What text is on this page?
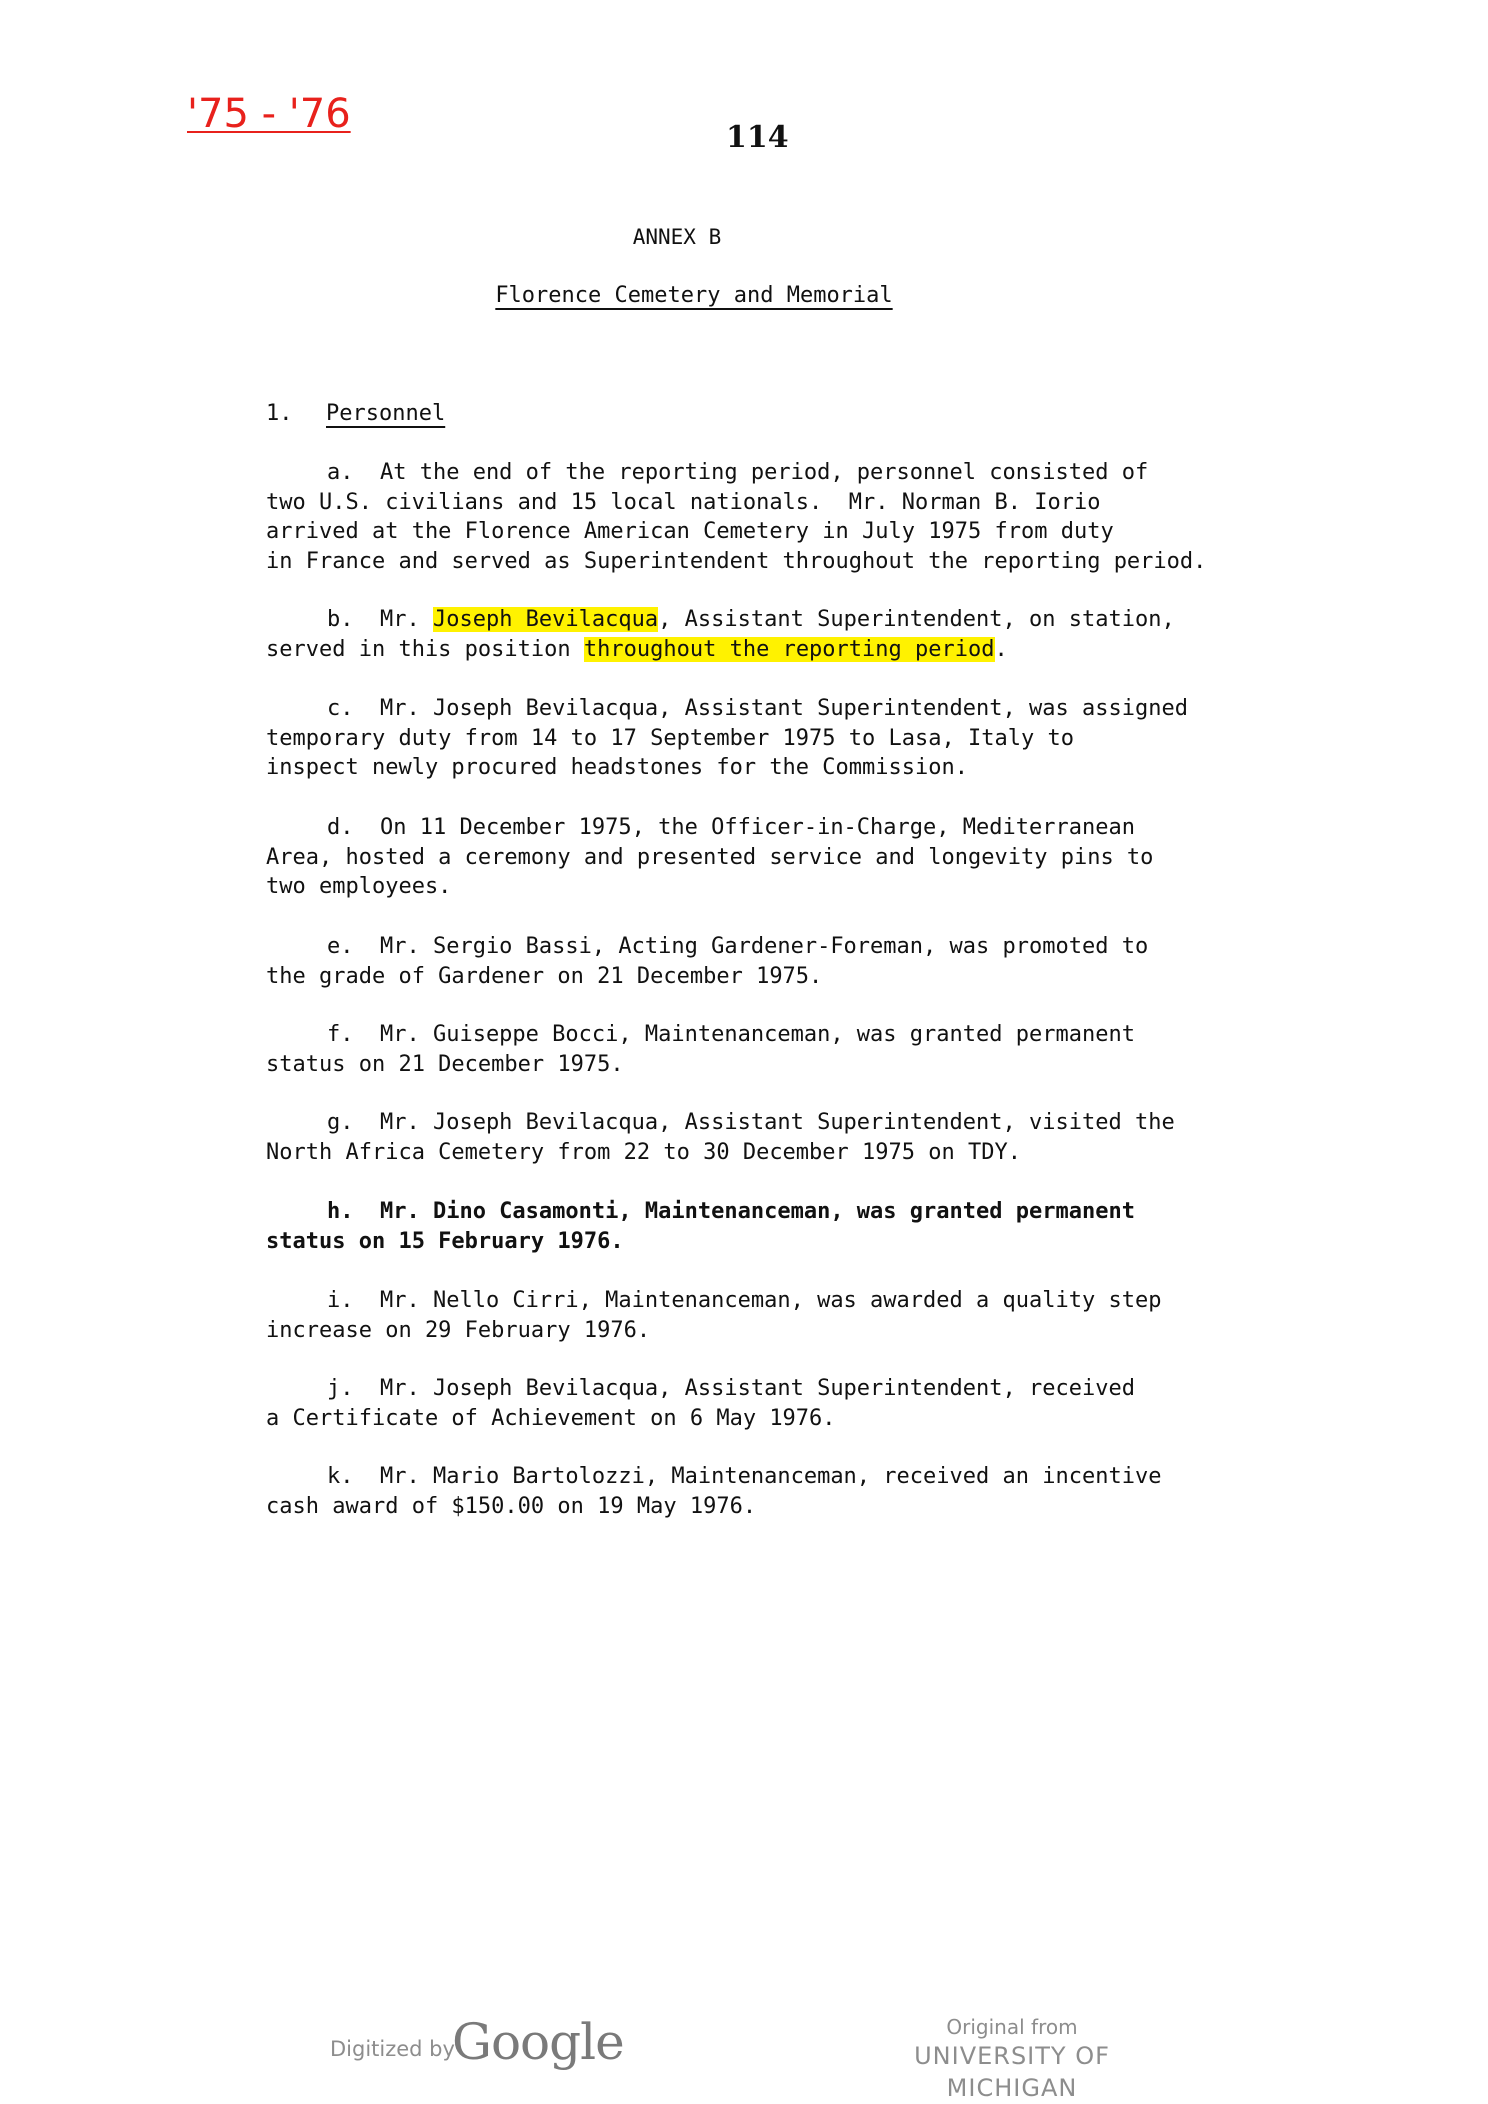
'75 - '76

114

ANNEX B

Florence Cemetery and Memorial

1. Personnel

a.  At the end of the reporting period, personnel consisted of
two U.S. civilians and 15 local nationals.  Mr. Norman B. Iorio
arrived at the Florence American Cemetery in July 1975 from duty
in France and served as Superintendent throughout the reporting period.
b.  Mr. Joseph Bevilacqua, Assistant Superintendent, on station,
served in this position throughout the reporting period.
c.  Mr. Joseph Bevilacqua, Assistant Superintendent, was assigned
temporary duty from 14 to 17 September 1975 to Lasa, Italy to
inspect newly procured headstones for the Commission.
d.  On 11 December 1975, the Officer-in-Charge, Mediterranean
Area, hosted a ceremony and presented service and longevity pins to
two employees.
e.  Mr. Sergio Bassi, Acting Gardener-Foreman, was promoted to
the grade of Gardener on 21 December 1975.
f.  Mr. Guiseppe Bocci, Maintenanceman, was granted permanent
status on 21 December 1975.
g.  Mr. Joseph Bevilacqua, Assistant Superintendent, visited the
North Africa Cemetery from 22 to 30 December 1975 on TDY.
h.  Mr. Dino Casamonti, Maintenanceman, was granted permanent
status on 15 February 1976.
i.  Mr. Nello Cirri, Maintenanceman, was awarded a quality step
increase on 29 February 1976.
j.  Mr. Joseph Bevilacqua, Assistant Superintendent, received
a Certificate of Achievement on 6 May 1976.
k.  Mr. Mario Bartolozzi, Maintenanceman, received an incentive
cash award of $150.00 on 19 May 1976.
Digitized by
Google	Original from
UNIVERSITY OF MICHIGAN
